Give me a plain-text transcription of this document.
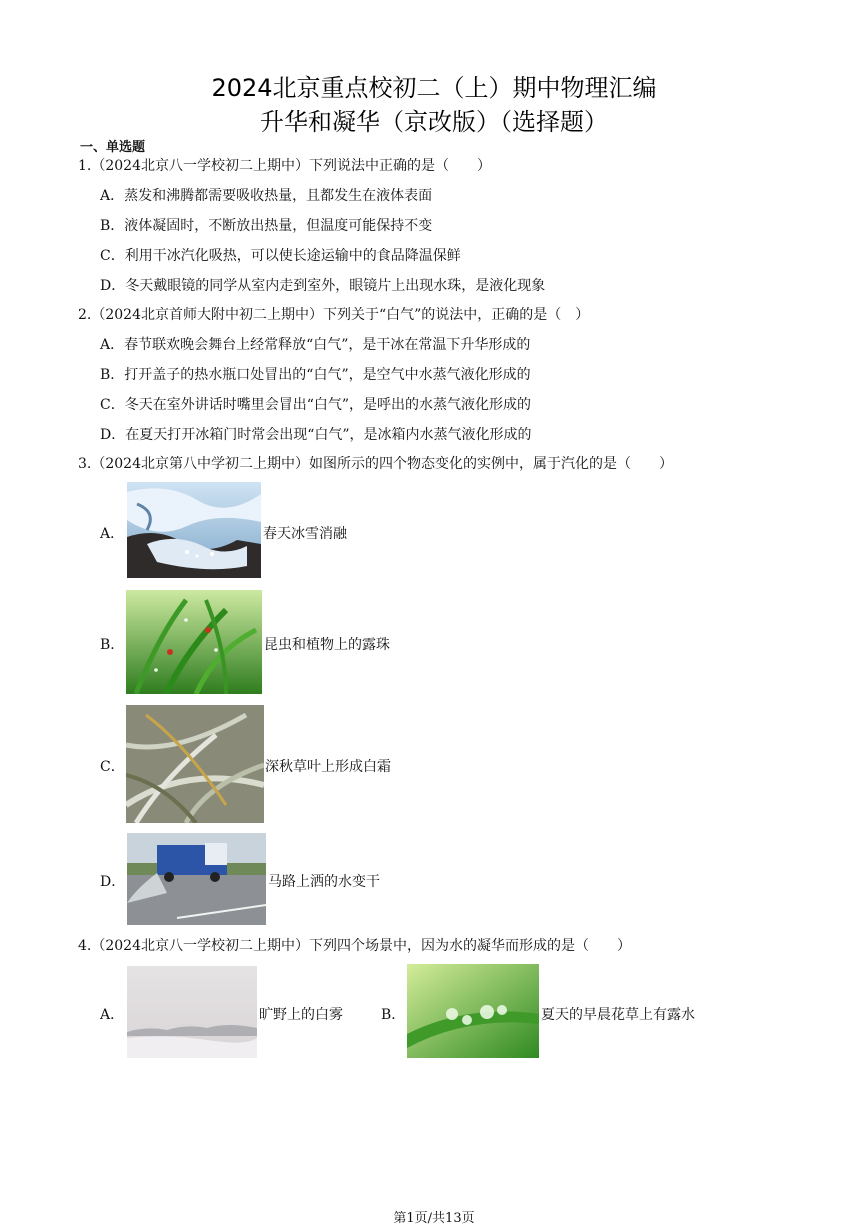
2024北京重点校初二（上）期中物理汇编
升华和凝华（京改版）（选择题）
一、单选题
1.（2024北京八一学校初二上期中）下列说法中正确的是（　　）
A．蒸发和沸腾都需要吸收热量，且都发生在液体表面
B．液体凝固时，不断放出热量，但温度可能保持不变
C．利用干冰汽化吸热，可以使长途运输中的食品降温保鲜
D．冬天戴眼镜的同学从室内走到室外，眼镜片上出现水珠，是液化现象
2.（2024北京首师大附中初二上期中）下列关于“白气”的说法中，正确的是（　）
A．春节联欢晚会舞台上经常释放“白气”，是干冰在常温下升华形成的
B．打开盖子的热水瓶口处冒出的“白气”，是空气中水蒸气液化形成的
C．冬天在室外讲话时嘴里会冒出“白气”，是呼出的水蒸气液化形成的
D．在夏天打开冰箱门时常会出现“白气”，是冰箱内水蒸气液化形成的
3.（2024北京第八中学初二上期中）如图所示的四个物态变化的实例中，属于汽化的是（　　）
A．	春天冰雪消融
B．	昆虫和植物上的露珠
C．	深秋草叶上形成白霜
D．	马路上洒的水变干
4.（2024北京八一学校初二上期中）下列四个场景中，因为水的凝华而形成的是（　　）
A．	旷野上的白雾	B．	夏天的早晨花草上有露水
第1页/共13页
